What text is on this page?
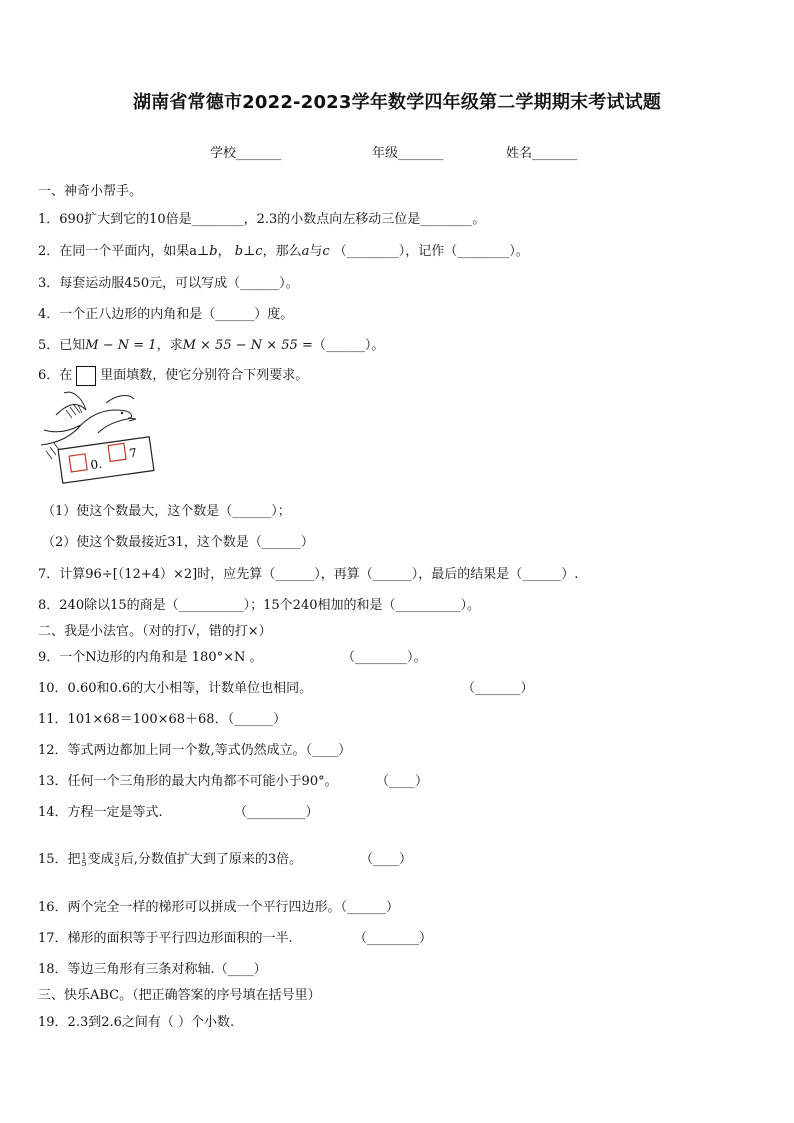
湖南省常德市2022-2023学年数学四年级第二学期期末考试试题
学校_______	年级_______	姓名_______
一、神奇小帮手。
1．690扩大到它的10倍是________，2.3的小数点向左移动三位是________。
2．在同一个平面内，如果a⊥b， b⊥c，那么a与c （________），记作（________）。
3．每套运动服450元，可以写成（______）。
4．一个正八边形的内角和是（______）度。
5．已知M − N = 1，求M × 55 − N × 55 =（______）。
6．在 里面填数，使它分别符合下列要求。
0.
7
（1）使这个数最大，这个数是（______）；
（2）使这个数最接近31，这个数是（______）
7．计算96÷[（12+4）×2]时，应先算（______），再算（______），最后的结果是（______）.
8．240除以15的商是（__________）；15个240相加的和是（__________）。
二、我是小法官。（对的打√，错的打×）
9．一个N边形的内角和是 180°×N 。	（________）。
10．0.60和0.6的大小相等，计数单位也相同。	（_______）
11．101×68＝100×68＋68．（______）
12．等式两边都加上同一个数,等式仍然成立。（____）
13．任何一个三角形的最大内角都不可能小于90°。	（____）
14．方程一定是等式.	（_________）
15．把 1
5 变成 3
5 后,分数值扩大到了原来的3倍。	（____）
16．两个完全一样的梯形可以拼成一个平行四边形。（______）
17．梯形的面积等于平行四边形面积的一半.	（________）
18．等边三角形有三条对称轴.（____）
三、快乐ABC。（把正确答案的序号填在括号里）
19．2.3到2.6之间有（ ）个小数.
